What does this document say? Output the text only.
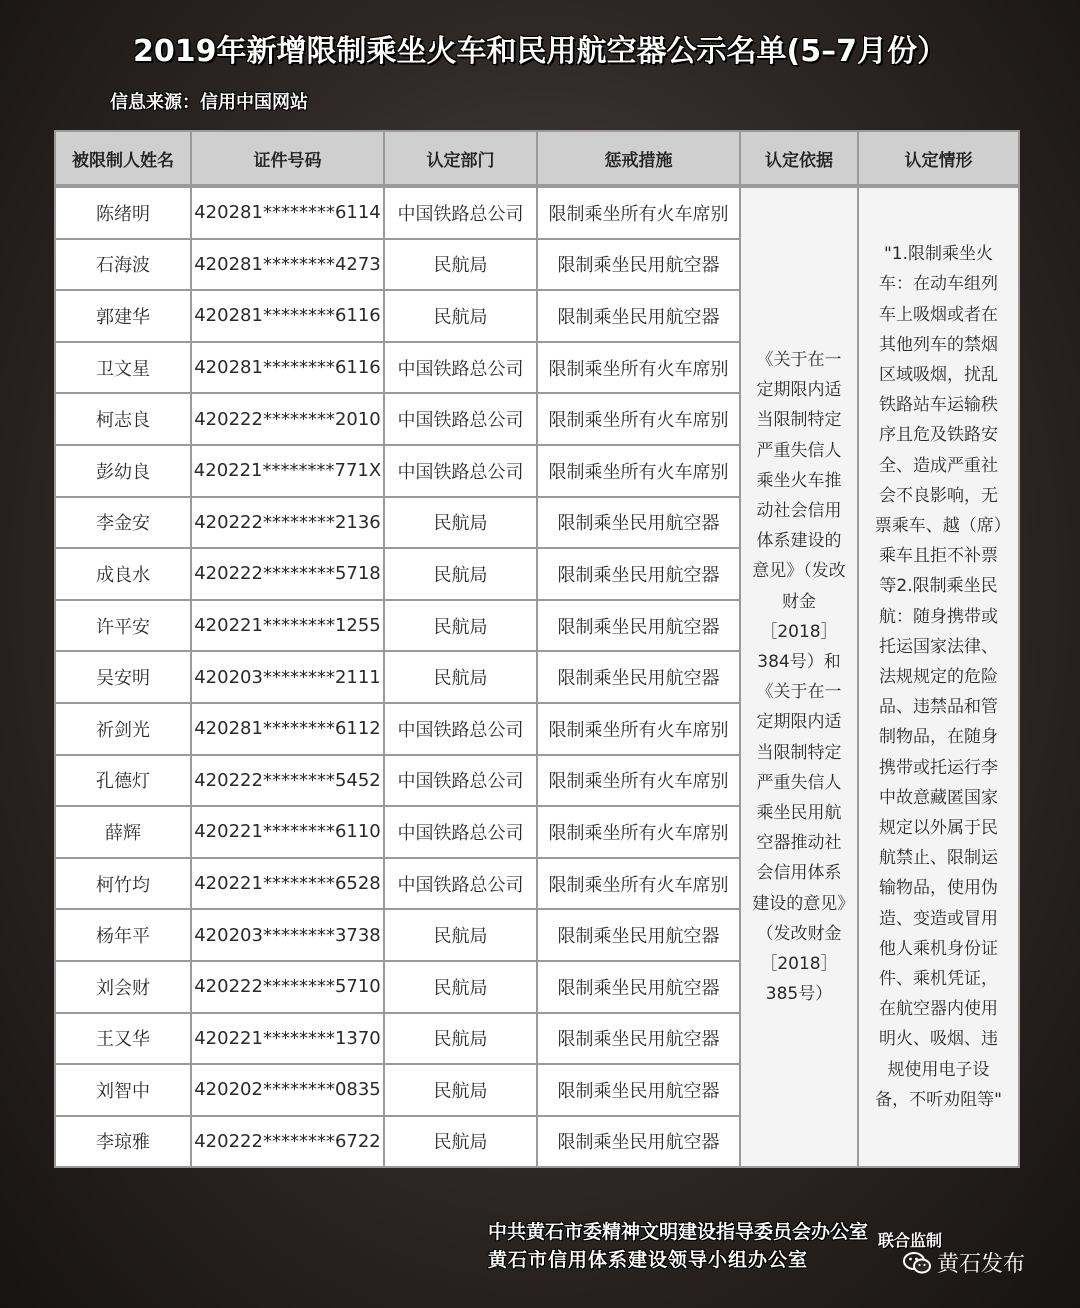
2019年新增限制乘坐火车和民用航空器公示名单(5–7月份）
信息来源：信用中国网站
被限制人姓名	证件号码	认定部门	惩戒措施	认定依据	认定情形
陈绪明	420281********6114	中国铁路总公司	限制乘坐所有火车席别	《关于在一定期限内适当限制特定严重失信人乘坐火车推动社会信用体系建设的意见》（发改财金［2018］384号）和《关于在一定期限内适当限制特定严重失信人乘坐民用航空器推动社会信用体系建设的意见》（发改财金［2018］385号）	"1.限制乘坐火车：在动车组列车上吸烟或者在其他列车的禁烟区域吸烟，扰乱铁路站车运输秩序且危及铁路安全、造成严重社会不良影响，无票乘车、越（席）乘车且拒不补票等2.限制乘坐民航：随身携带或托运国家法律、法规规定的危险品、违禁品和管制物品，在随身携带或托运行李中故意藏匿国家规定以外属于民航禁止、限制运输物品，使用伪造、变造或冒用他人乘机身份证件、乘机凭证，在航空器内使用明火、吸烟、违规使用电子设备，不听劝阻等"
石海波	420281********4273	民航局	限制乘坐民用航空器		
郭建华	420281********6116	民航局	限制乘坐民用航空器		
卫文星	420281********6116	中国铁路总公司	限制乘坐所有火车席别		
柯志良	420222********2010	中国铁路总公司	限制乘坐所有火车席别		
彭幼良	420221********771X	中国铁路总公司	限制乘坐所有火车席别		
李金安	420222********2136	民航局	限制乘坐民用航空器		
成良水	420222********5718	民航局	限制乘坐民用航空器		
许平安	420221********1255	民航局	限制乘坐民用航空器		
吴安明	420203********2111	民航局	限制乘坐民用航空器		
祈剑光	420281********6112	中国铁路总公司	限制乘坐所有火车席别		
孔德灯	420222********5452	中国铁路总公司	限制乘坐所有火车席别		
薛辉	420221********6110	中国铁路总公司	限制乘坐所有火车席别		
柯竹均	420221********6528	中国铁路总公司	限制乘坐所有火车席别		
杨年平	420203********3738	民航局	限制乘坐民用航空器		
刘会财	420222********5710	民航局	限制乘坐民用航空器		
王又华	420221********1370	民航局	限制乘坐民用航空器		
刘智中	420202********0835	民航局	限制乘坐民用航空器		
李琼雅	420222********6722	民航局	限制乘坐民用航空器		
中共黄石市委精神文明建设指导委员会办公室
黄石市信用体系建设领导小组办公室
联合监制
黄石发布
